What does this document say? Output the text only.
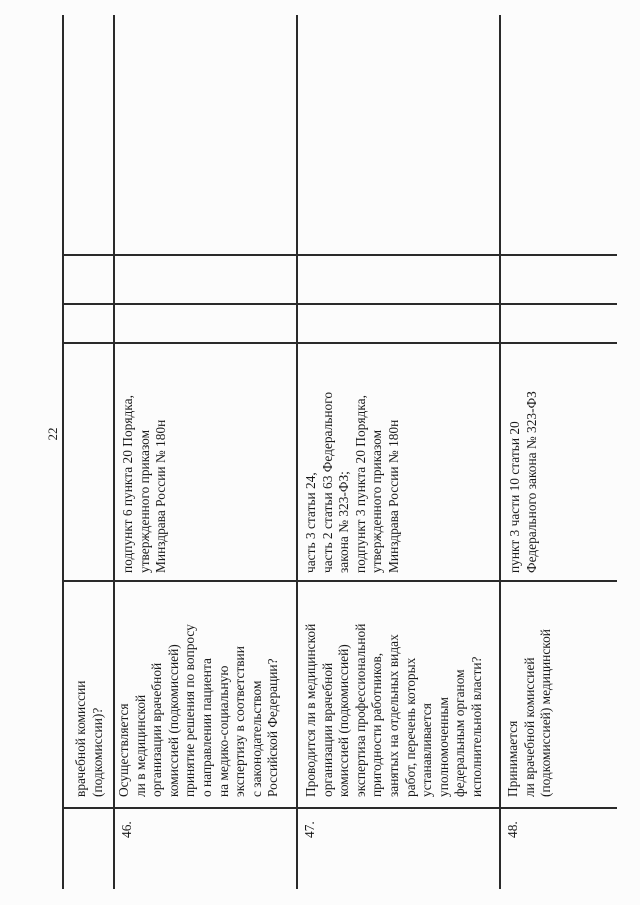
22
врачебной комиссии
(подкомиссии)?
46.
Осуществляется
ли в медицинской
организации врачебной
комиссией (подкомиссией)
принятие решения по вопросу
о направлении пациента
на медико-социальную
экспертизу в соответствии
с законодательством
Российской Федерации?
подпункт 6 пункта 20 Порядка,
утвержденного приказом
Минздрава России № 180н
47.
Проводится ли в медицинской
организации врачебной
комиссией (подкомиссией)
экспертиза профессиональной
пригодности работников,
занятых на отдельных видах
работ, перечень которых
устанавливается
уполномоченным
федеральным органом
исполнительной власти?
часть 3 статьи 24,
часть 2 статьи 63 Федерального
закона № 323-ФЗ;
подпункт 3 пункта 20 Порядка,
утвержденного приказом
Минздрава России № 180н
48.
Принимается
ли врачебной комиссией
(подкомиссией) медицинской
пункт 3 части 10 статьи 20
Федерального закона № 323-ФЗ
